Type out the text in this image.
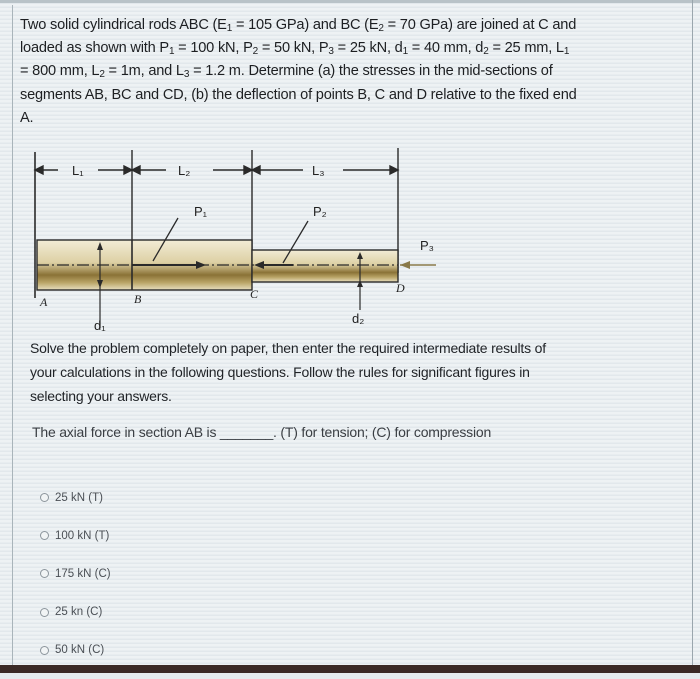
Two solid cylindrical rods ABC ($E_1 = 105$ GPa) and BC ($E_2 = 70$ GPa) are joined at C and
loaded as shown with $P_1 = 100$ kN, $P_2 = 50$ kN, $P_3 = 25$ kN, $d_1 = 40$ mm, $d_2 = 25$ mm, $L_1$
= 800 mm, $L_2 = 1m$, and $L_3 = 1.2$ m. Determine (a) the stresses in the mid-sections of
segments AB, BC and CD, (b) the deflection of points B, C and D relative to the fixed end
A.
L₁	L₂	L₃
P₁	P₂
P₃
d₁	d₂
A	B	C	D
Solve the problem completely on paper, then enter the required intermediate results of
your calculations in the following questions. Follow the rules for significant figures in
selecting your answers.
The axial force in section AB is _______. (T) for tension; (C) for compression
25 kN (T)
100 kN (T)
175 kN (C)
25 kn (C)
50 kN (C)
